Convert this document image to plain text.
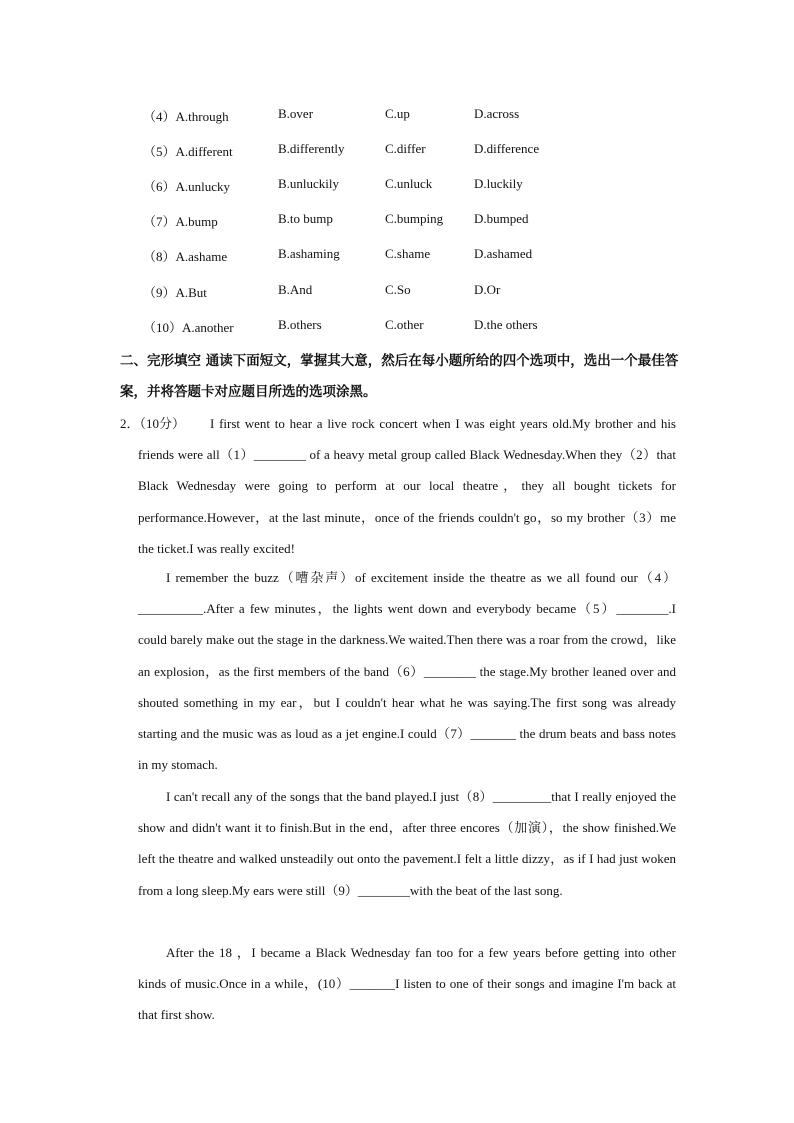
（4）A.through	B.over	C.up	D.across
（5）A.different	B.differently	C.differ	D.difference
（6）A.unlucky	B.unluckily	C.unluck	D.luckily
（7）A.bump	B.to bump	C.bumping D.bumped
（8）A.ashame	B.ashaming	C.shame	D.ashamed
（9）A.But	B.And	C.So	D.Or
（10）A.another	B.others	C.other	D.the others
二、完形填空 通读下面短文，掌握其大意，然后在每小题所给的四个选项中，选出一个最佳答案，并将答题卡对应题目所选的选项涂黑。
2．（10分）	I first went to hear a live rock concert when I was eight years old.My brother and his friends were all（1）________ of a heavy metal group called Black Wednesday.When they（2）that Black Wednesday were going to perform at our local theatre，they all bought tickets for performance.However，at the last minute，once of the friends couldn't go，so my brother（3）me the ticket.I was really excited!
I remember the buzz（嘈杂声）of excitement inside the theatre as we all found our（4）__________.After a few minutes，the lights went down and everybody became（5）________.I could barely make out the stage in the darkness.We waited.Then there was a roar from the crowd，like an explosion，as the first members of the band（6）________ the stage.My brother leaned over and shouted something in my ear，but I couldn't hear what he was saying.The first song was already starting and the music was as loud as a jet engine.I could（7）_______ the drum beats and bass notes in my stomach.
I can't recall any of the songs that the band played.I just（8）_________that I really enjoyed the show and didn't want it to finish.But in the end，after three encores（加演），the show finished.We left the theatre and walked unsteadily out onto the pavement.I felt a little dizzy，as if I had just woken from a long sleep.My ears were still（9）________with the beat of the last song.
After the 18 ，I became a Black Wednesday fan too for a few years before getting into other kinds of music.Once in a while，(10）_______I listen to one of their songs and imagine I'm back at that first show.
